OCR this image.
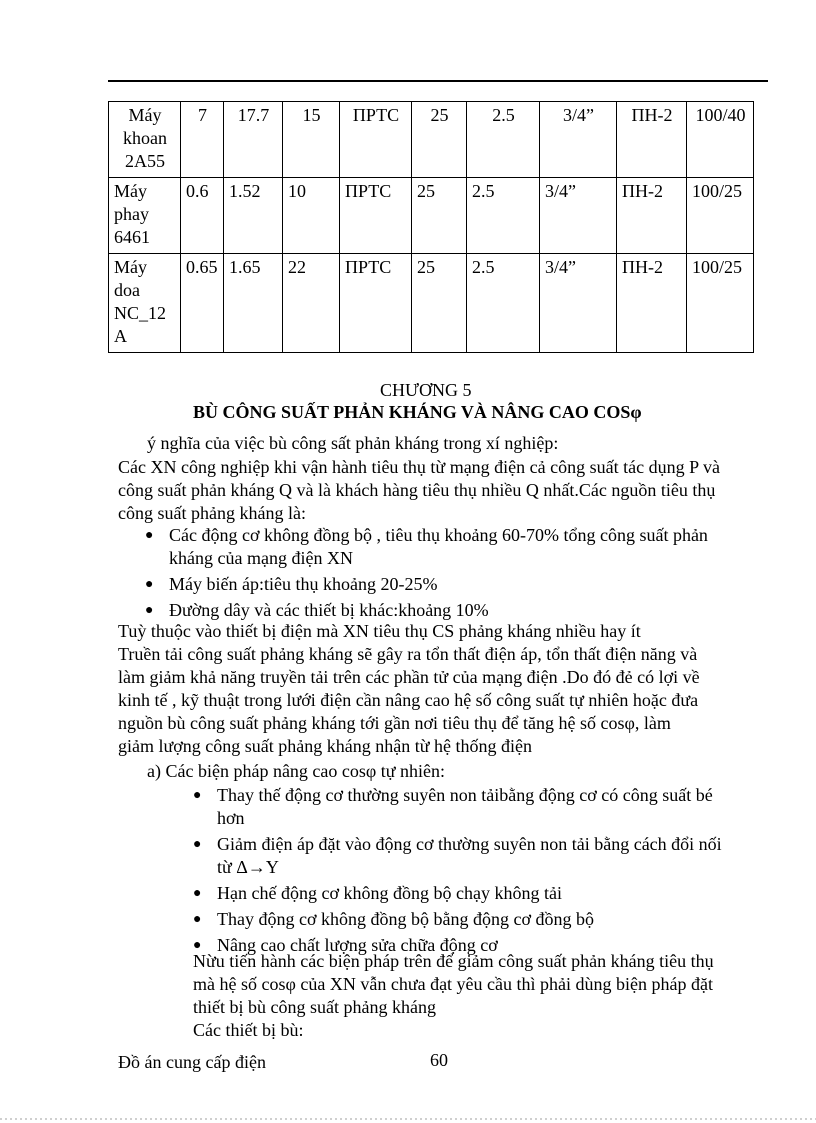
Máy
khoan
2A55	7	17.7	15	ПРТС	25	2.5	3/4”	ПН-2	100/40
Máy
phay
6461	0.6	1.52	10	ПРТС	25	2.5	3/4”	ПН-2	100/25
Máy doa
NC_12
A	0.65	1.65	22	ПРТС	25	2.5	3/4”	ПН-2	100/25
CHƯƠNG 5
BÙ CÔNG SUẤT PHẢN KHÁNG VÀ NÂNG CAO COSφ
ý nghĩa của việc bù công sất phản kháng trong xí nghiệp:
Các XN công nghiệp khi vận hành tiêu thụ từ mạng điện cả công suất tác dụng P và
công suất phản kháng Q và là khách hàng tiêu thụ nhiều Q nhất.Các nguồn tiêu thụ
công suất phảng kháng là:
● Các động cơ không đồng bộ , tiêu thụ khoảng 60-70% tổng công suất phản
kháng của mạng điện XN
● Máy biến áp:tiêu thụ khoảng 20-25%
● Đường dây và các thiết bị khác:khoảng 10%
Tuỳ thuộc vào thiết bị điện mà XN tiêu thụ CS phảng kháng nhiều hay ít
Truền tải công suất phảng kháng sẽ gây ra tổn thất điện áp, tổn thất điện năng và
làm giảm khả năng truyền tải trên các phần tử của mạng điện .Do đó đẻ có lợi về
kinh tế , kỹ thuật trong lưới điện cần nâng cao hệ số công suất tự nhiên hoặc đưa
nguồn bù công suất phảng kháng tới gần nơi tiêu thụ để tăng hệ số cosφ, làm
giảm lượng công suất phảng kháng nhận từ hệ thống điện
a) Các biện pháp nâng cao cosφ tự nhiên:
● Thay thế động cơ thường suyên non tảibằng động cơ có công suất bé
hơn
● Giảm điện áp đặt vào động cơ thường suyên non tải bằng cách đổi nối
từ Δ→Y
● Hạn chế động cơ không đồng bộ chạy không tải
● Thay động cơ không đồng bộ bằng động cơ đồng bộ
● Nâng cao chất lượng sửa chữa động cơ
Nừu tiến hành các biện pháp trên để giảm công suất phản kháng tiêu thụ
mà hệ số cosφ của XN vẫn chưa đạt yêu cầu thì phải dùng biện pháp đặt
thiết bị bù công suất phảng kháng
Các thiết bị bù:
Đồ án cung cấp điện	60
